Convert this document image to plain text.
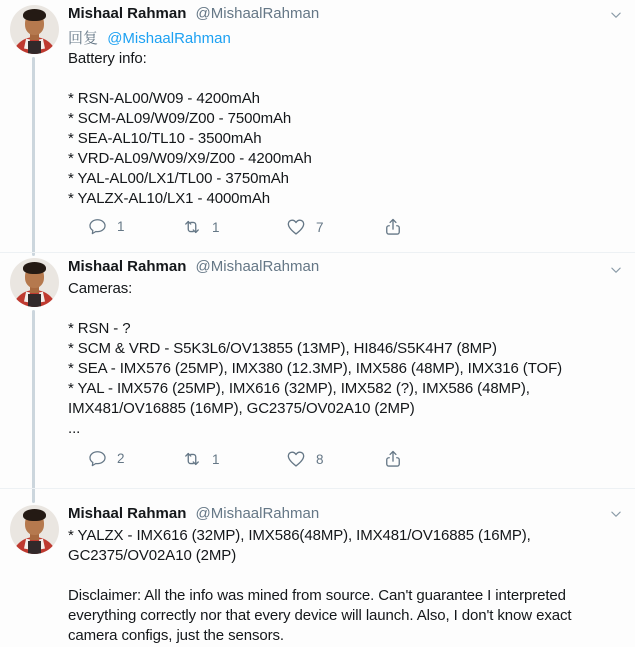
Mishaal Rahman @MishaalRahman
回复 @MishaalRahman
Battery info:
* RSN-AL00/W09 - 4200mAh
* SCM-AL09/W09/Z00 - 7500mAh
* SEA-AL10/TL10 - 3500mAh
* VRD-AL09/W09/X9/Z00 - 4200mAh
* YAL-AL00/LX1/TL00 - 3750mAh
* YALZX-AL10/LX1 - 4000mAh
1	1	7
Mishaal Rahman @MishaalRahman
Cameras:
* RSN - ?
* SCM & VRD - S5K3L6/OV13855 (13MP), HI846/S5K4H7 (8MP)
* SEA - IMX576 (25MP), IMX380 (12.3MP), IMX586 (48MP), IMX316 (TOF)
* YAL - IMX576 (25MP), IMX616 (32MP), IMX582 (?), IMX586 (48MP),
IMX481/OV16885 (16MP), GC2375/OV02A10 (2MP)
...
2	1	8
Mishaal Rahman @MishaalRahman
* YALZX - IMX616 (32MP), IMX586(48MP), IMX481/OV16885 (16MP),
GC2375/OV02A10 (2MP)
Disclaimer: All the info was mined from source. Can't guarantee I interpreted
everything correctly nor that every device will launch. Also, I don't know exact
camera configs, just the sensors.
